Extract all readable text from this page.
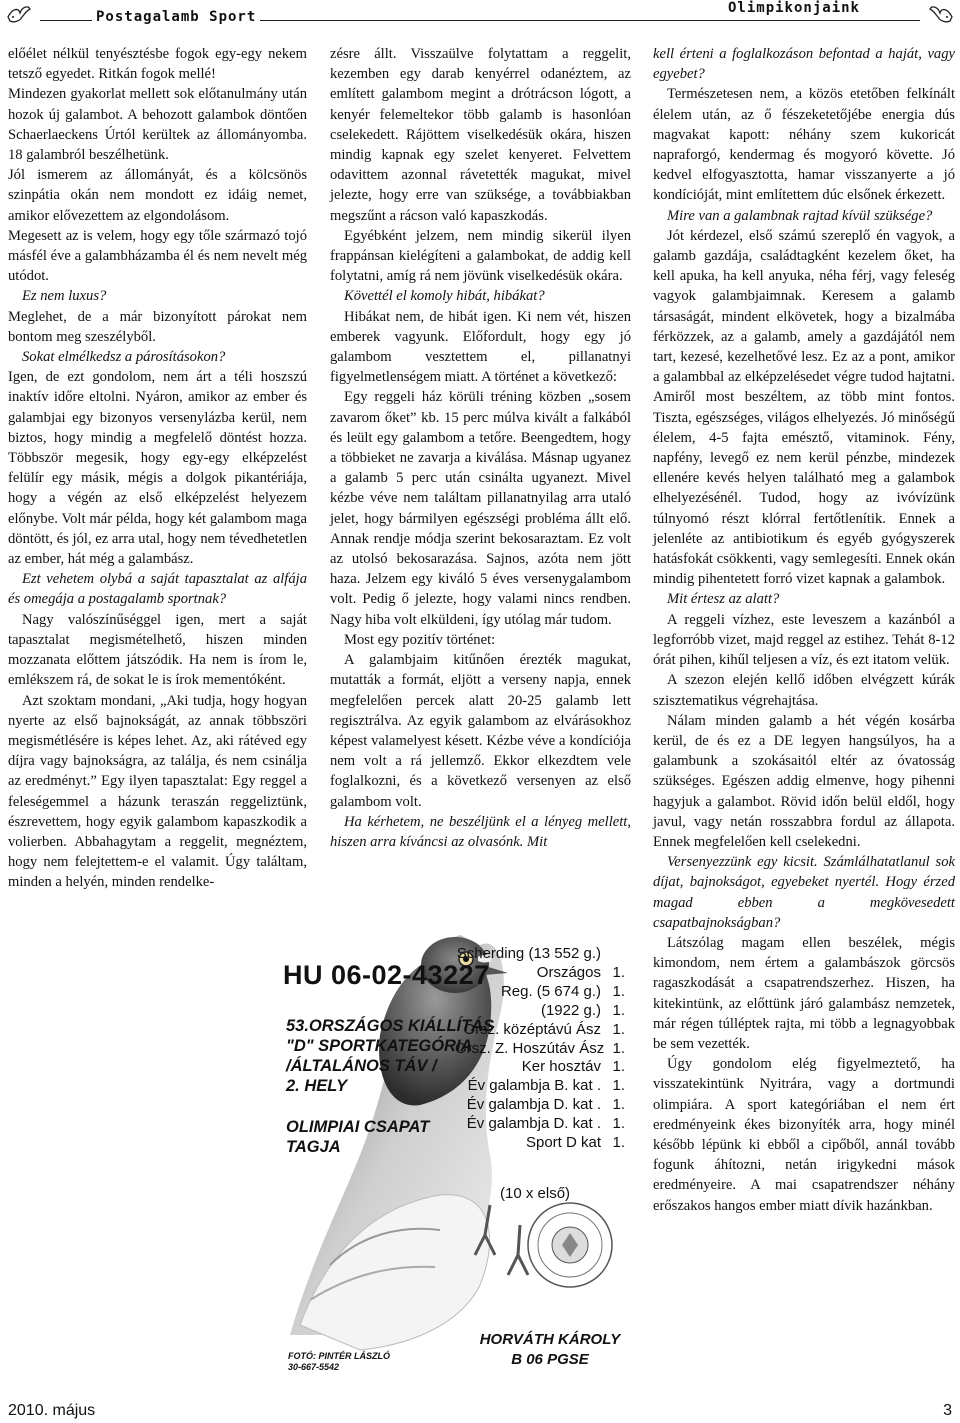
Postagalamb Sport
Olimpikonjaink

előélet nélkül tenyésztésbe fogok egy-egy nekem tetsző egyedet. Ritkán fogok mellé!

Mindezen gyakorlat mellett sok előtanulmány után hozok új galambot. A behozott galambok döntően Schaerlaeckens Úrtól kerültek az állományomba. 18 galambról beszélhetünk.

Jól ismerem az állományát, és a kölcsönös szinpátia okán nem mondott ez idáig nemet, amikor elővezettem az elgondolásom.

Megesett az is velem, hogy egy tőle származó tojó másfél éve a galambházamba él és nem nevelt még utódot.

Ez nem luxus?

Meglehet, de a már bizonyított párokat nem bontom meg szeszélyből.

Sokat elmélkedsz a párosításokon?

Igen, de ezt gondolom, nem árt a téli hoszszú inaktív időre eltolni. Nyáron, amikor az ember és galambjai egy bizonyos versenylázba kerül, nem biztos, hogy mindig a megfelelő döntést hozza. Többször megesik, hogy egy-egy elképzelést felülír egy másik, mégis a dolgok pikantériája, hogy a végén az első elképzelést helyezem előnybe. Volt már példa, hogy két galambom maga döntött, és jól, ez arra utal, hogy nem tévedhetetlen az ember, hát még a galambász.

Ezt vehetem olybá a saját tapasztalat az alfája és omegája a postagalamb sportnak?

Nagy valószínűséggel igen, mert a saját tapasztalat megismételhető, hiszen minden mozzanata előttem játszódik. Ha nem is írom le, emlékszem rá, de sokat le is írok mementóként.

Azt szoktam mondani, „Aki tudja, hogy hogyan nyerte az első bajnokságát, az annak többszöri megismétlésére is képes lehet. Az, aki rátéved egy díjra vagy bajnokságra, az találja, és nem csinálja az eredményt.” Egy ilyen tapasztalat: Egy reggel a feleségemmel a házunk teraszán reggeliztünk, észrevettem, hogy egyik galambom kapaszkodik a volierben. Abbahagytam a reggelit, megnéztem, hogy nem felejtettem-e el valamit. Úgy találtam, minden a helyén, minden rendelke-

zésre állt. Visszaülve folytattam a reggelit, kezemben egy darab kenyérrel odanéztem, az említett galambom megint a drótrácson lógott, a kenyér felemeltekor több galamb is hasonlóan cselekedett. Rájöttem viselkedésük okára, hiszen mindig kapnak egy szelet kenyeret. Felvettem odavittem azonnal rávetették magukat, mivel jelezte, hogy erre van szüksége, a továbbiakban megszűnt a rácson való kapaszkodás.

Egyébként jelzem, nem mindig sikerül ilyen frappánsan kielégíteni a galambokat, de addig kell folytatni, amíg rá nem jövünk viselkedésük okára.

Követtél el komoly hibát, hibákat?

Hibákat nem, de hibát igen. Ki nem vét, hiszen emberek vagyunk. Előfordult, hogy egy jó galambom vesztettem el, pillanatnyi figyelmetlenségem miatt. A történet a következő:

Egy reggeli ház körüli tréning közben „sosem zavarom őket” kb. 15 perc múlva kivált a falkából és leült egy galambom a tetőre. Beengedtem, hogy a többieket ne zavarja a kiválása. Másnap ugyanez a galamb 5 perc után csinálta ugyanezt. Mivel kézbe véve nem találtam pillanatnyilag arra utaló jelet, hogy bármilyen egészségi probléma állt elő. Annak rendje módja szerint bekosaraztam. Ez volt az utolsó bekosarazása. Sajnos, azóta nem jött haza. Jelzem egy kiváló 5 éves versenygalambom volt. Pedig ő jelezte, hogy valami nincs rendben. Nagy hiba volt elküldeni, így utólag már tudom.

Most egy pozitív történet:

A galambjaim kitűnően érezték magukat, mutatták a formát, eljött a verseny napja, ennek megfelelően percek alatt 20-25 galamb lett regisztrálva. Az egyik galambom az elvárásokhoz képest valamelyest késett. Kézbe véve a kondíciója nem volt a rá jellemző. Ekkor elkezdtem vele foglalkozni, és a következő versenyen az első galambom volt.

Ha kérhetem, ne beszéljünk el a lényeg mellett, hiszen arra kíváncsi az olvasónk. Mit

kell érteni a foglalkozáson befontad a haját, vagy egyebet?

Természetesen nem, a közös etetőben felkínált élelem után, az ő fészeketetőjébe energia dús magvakat kapott: néhány szem kukoricát napraforgó, kendermag és mogyoró követte. Jó kedvel elfogyasztotta, hamar visszanyerte a jó kondícióját, mint említettem dúc elsőnek érkezett.

Mire van a galambnak rajtad kívül szüksége?

Jót kérdezel, első számú szereplő én vagyok, a galamb gazdája, családtagként kezelem őket, ha kell apuka, ha kell anyuka, néha férj, vagy feleség vagyok galambjaimnak. Keresem a galamb társaságát, mindent elkövetek, hogy a bizalmába férközzek, az a galamb, amely a gazdájától nem tart, kezesé, kezelhetővé lesz. Ez az a pont, amikor a galambbal az elképzelésedet végre tudod hajtatni. Amiről most beszéltem, az több mint fontos. Tiszta, egészséges, világos elhelyezés. Jó minőségű élelem, 4-5 fajta emésztő, vitaminok. Fény, napfény, levegő ez nem kerül pénzbe, mindezek ellenére kevés helyen található meg a galambok elhelyezésénél. Tudod, hogy az ivóvízünk túlnyomó részt klórral fertőtlenítik. Ennek a jelenléte az antibiotikum és egyéb gyógyszerek hatásfokát csökkenti, vagy semlegesíti. Ennek okán mindig pihentetett forró vizet kapnak a galambok.

Mit értesz az alatt?

A reggeli vízhez, este leveszem a kazánból a legforróbb vizet, majd reggel az estihez. Tehát 8-12 órát pihen, kihűl teljesen a víz, és ezt itatom velük.

A szezon elején kellő időben elvégzett kúrák szisztematikus végrehajtása.

Nálam minden galamb a hét végén kosárba kerül, de és ez a DE legyen hangsúlyos, ha a galambunk a szokásaitól eltér az óvatosság szükséges. Egészen addig elmenve, hogy pihenni hagyjuk a galambot. Rövid időn belül eldől, hogy javul, vagy netán rosszabbra fordul az állapota. Ennek megfelelően kell cselekedni.

Versenyezzünk egy kicsit. Számlálhatatlanul sok díjat, bajnokságot, egyebeket nyertél. Hogy érzed magad ebben a megkövesedett csapatbajnokságban?

Látszólag magam ellen beszélek, mégis kimondom, nem értem a galambászok görcsös ragaszkodását a csapatrendszerhez. Hiszen, ha kitekintünk, az előttünk járó galambász nemzetek, már régen túlléptek rajta, mi több a legnagyobbak be sem vezették.

Úgy gondolom elég figyelmeztető, ha visszatekintünk Nyitrára, vagy a dortmundi olimpiára. A sport kategóriában el nem ért eredményeink ékes bizonyíték arra, hogy minél később lépünk ki ebből a cipőből, annál tovább fogunk áhítozni, netán irigykedni mások eredményeire. A mai csapatrendszer néhány erőszakos hangos ember miatt dívik hazánkban.

HU 06-02-43227
53.ORSZÁGOS KIÁLLÍTÁS
"D" SPORTKATEGÓRIA
/ÁLTALÁNOS TÁV /
2. HELY
OLIMPIAI CSAPAT
TAGJA
FOTÓ: PINTÉR LÁSZLÓ
30-667-5542
Scherding (13 552 g.)
Országos 1.
Reg. (5 674 g.) 1.
(1922 g.) 1.
Orsz. középtávú Ász 1.
Orsz. Z. Hoszútáv Ász 1.
Ker hosztáv 1.
Év galambja B. kat . 1.
Év galambja D. kat . 1.
Év galambja D. kat . 1.
Sport D kat 1.
(10 x első)
HORVÁTH KÁROLY
B 06 PGSE
2010. május	3
